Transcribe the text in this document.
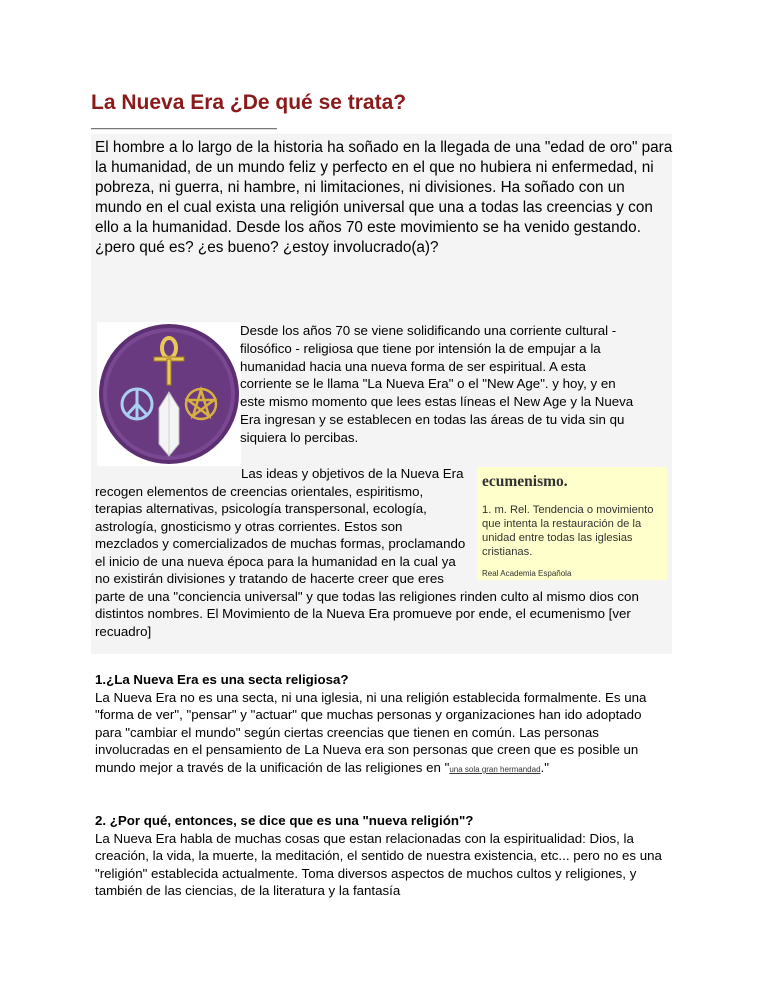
La Nueva Era ¿De qué se trata?

El hombre a lo largo de la historia ha soñado en la llegada de una "edad de oro" para la humanidad, de un mundo feliz y perfecto en el que no hubiera ni enfermedad, ni pobreza, ni guerra, ni hambre, ni limitaciones, ni divisiones. Ha soñado con un mundo en el cual exista una religión universal que una a todas las creencias y con ello a la humanidad. Desde los años 70 este movimiento se ha venido gestando. ¿pero qué es? ¿es bueno? ¿estoy involucrado(a)?

Desde los años 70 se viene solidificando una corriente cultural - filosófico - religiosa que tiene por intensión la de empujar a la humanidad hacia una nueva forma de ser espiritual. A esta corriente se le llama "La Nueva Era" o el "New Age". y hoy, y en este mismo momento que lees estas líneas el New Age y la Nueva Era ingresan y se establecen en todas las áreas de tu vida sin qu siquiera lo percibas.

ecumenismo.

1. m. Rel. Tendencia o movimiento que intenta la restauración de la unidad entre todas las iglesias cristianas.

Real Academia Española

Las ideas y objetivos de la Nueva Era recogen elementos de creencias orientales, espiritismo, terapias alternativas, psicología transpersonal, ecología, astrología, gnosticismo y otras corrientes. Estos son mezclados y comercializados de muchas formas, proclamando el inicio de una nueva época para la humanidad en la cual ya no existirán divisiones y tratando de hacerte creer que eres parte de una "conciencia universal" y que todas las religiones rinden culto al mismo dios con distintos nombres. El Movimiento de la Nueva Era promueve por ende, el ecumenismo [ver recuadro]

1.¿La Nueva Era es una secta religiosa?

La Nueva Era no es una secta, ni una iglesia, ni una religión establecida formalmente. Es una "forma de ver", "pensar" y "actuar" que muchas personas y organizaciones han ido adoptado para "cambiar el mundo" según ciertas creencias que tienen en común. Las personas involucradas en el pensamiento de La Nueva era son personas que creen que es posible un mundo mejor a través de la unificación de las religiones en "una sola gran hermandad."

2. ¿Por qué, entonces, se dice que es una "nueva religión"?

La Nueva Era habla de muchas cosas que estan relacionadas con la espiritualidad: Dios, la creación, la vida, la muerte, la meditación, el sentido de nuestra existencia, etc... pero no es una "religión" establecida actualmente. Toma diversos aspectos de muchos cultos y religiones, y también de las ciencias, de la literatura y la fantasía
